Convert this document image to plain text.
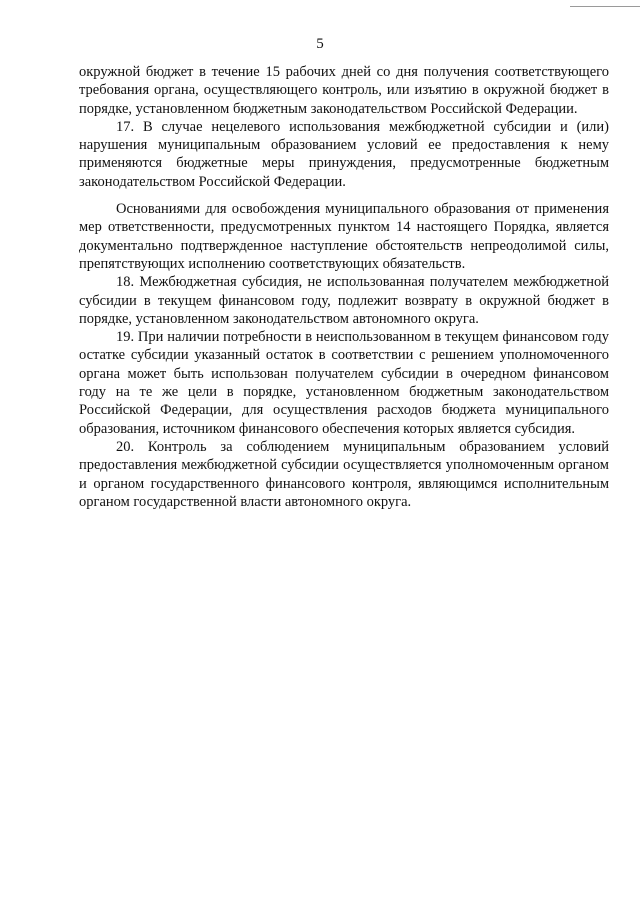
5

окружной бюджет в течение 15 рабочих дней со дня получения соответствующего требования органа, осуществляющего контроль, или изъятию в окружной бюджет в порядке, установленном бюджетным законодательством Российской Федерации.

17. В случае нецелевого использования межбюджетной субсидии и (или) нарушения муниципальным образованием условий ее предоставления к нему применяются бюджетные меры принуждения, предусмотренные бюджетным законодательством Российской Федерации.

Основаниями для освобождения муниципального образования от применения мер ответственности, предусмотренных пунктом 14 настоящего Порядка, является документально подтвержденное наступление обстоятельств непреодолимой силы, препятствующих исполнению соответствующих обязательств.

18. Межбюджетная субсидия, не использованная получателем межбюджетной субсидии в текущем финансовом году, подлежит возврату в окружной бюджет в порядке, установленном законодательством автономного округа.

19. При наличии потребности в неиспользованном в текущем финансовом году остатке субсидии указанный остаток в соответствии с решением уполномоченного органа может быть использован получателем субсидии в очередном финансовом году на те же цели в порядке, установленном бюджетным законодательством Российской Федерации, для осуществления расходов бюджета муниципального образования, источником финансового обеспечения которых является субсидия.

20. Контроль за соблюдением муниципальным образованием условий предоставления межбюджетной субсидии осуществляется уполномоченным органом и органом государственного финансового контроля, являющимся исполнительным органом государственной власти автономного округа.
